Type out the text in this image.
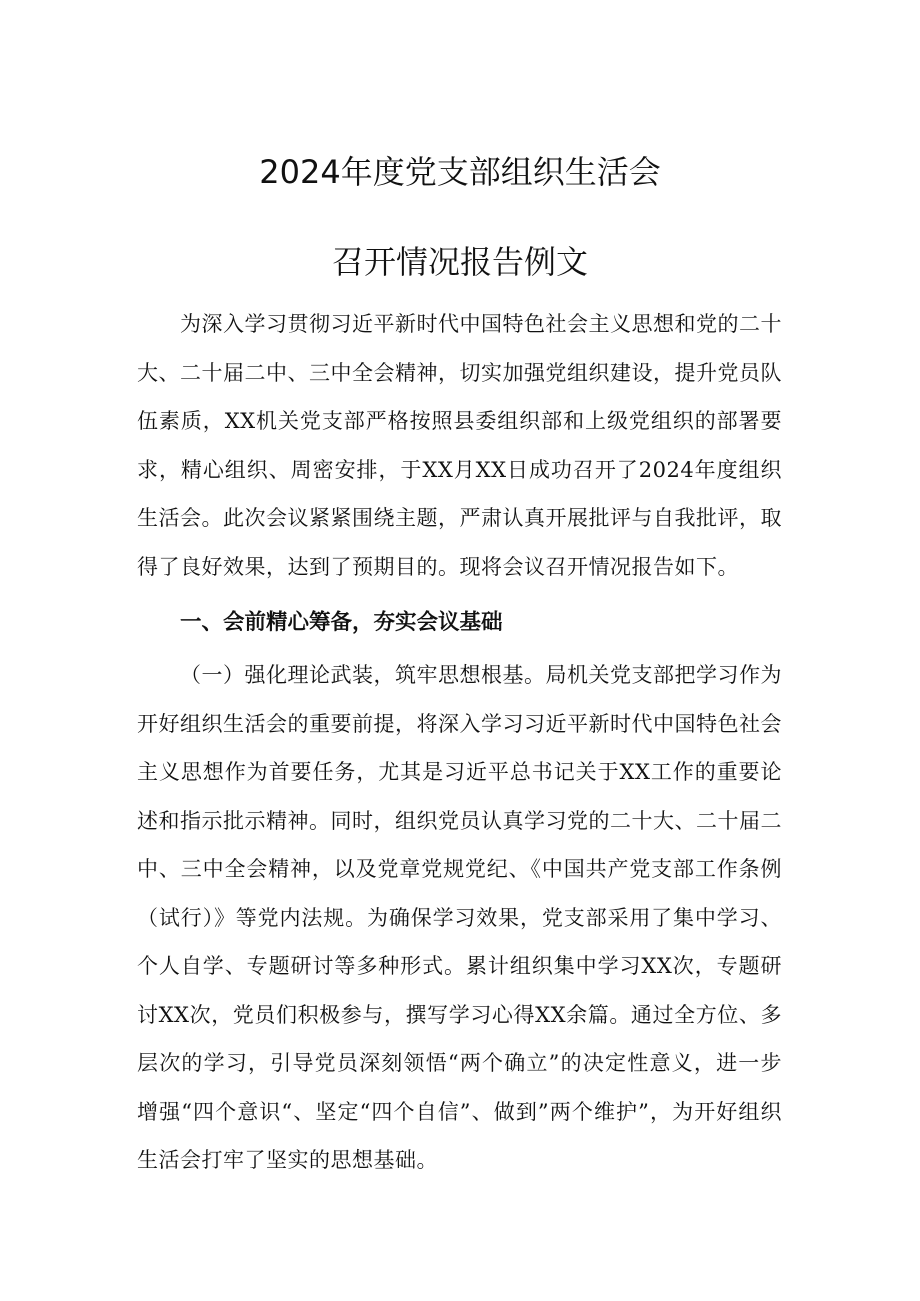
2024年度党支部组织生活会
召开情况报告例文

为深入学习贯彻习近平新时代中国特色社会主义思想和党的二十大、二十届二中、三中全会精神，切实加强党组织建设，提升党员队伍素质，XX机关党支部严格按照县委组织部和上级党组织的部署要求，精心组织、周密安排，于XX月XX日成功召开了2024年度组织生活会。此次会议紧紧围绕主题，严肃认真开展批评与自我批评，取得了良好效果，达到了预期目的。现将会议召开情况报告如下。

一、会前精心筹备，夯实会议基础

（一）强化理论武装，筑牢思想根基。局机关党支部把学习作为开好组织生活会的重要前提，将深入学习习近平新时代中国特色社会主义思想作为首要任务，尤其是习近平总书记关于XX工作的重要论述和指示批示精神。同时，组织党员认真学习党的二十大、二十届二中、三中全会精神，以及党章党规党纪、《中国共产党支部工作条例（试行）》等党内法规。为确保学习效果，党支部采用了集中学习、个人自学、专题研讨等多种形式。累计组织集中学习XX次，专题研讨XX次，党员们积极参与，撰写学习心得XX余篇。通过全方位、多层次的学习，引导党员深刻领悟“两个确立”的决定性意义，进一步增强“四个意识“、坚定“四个自信”、做到”两个维护”，为开好组织生活会打牢了坚实的思想基础。
